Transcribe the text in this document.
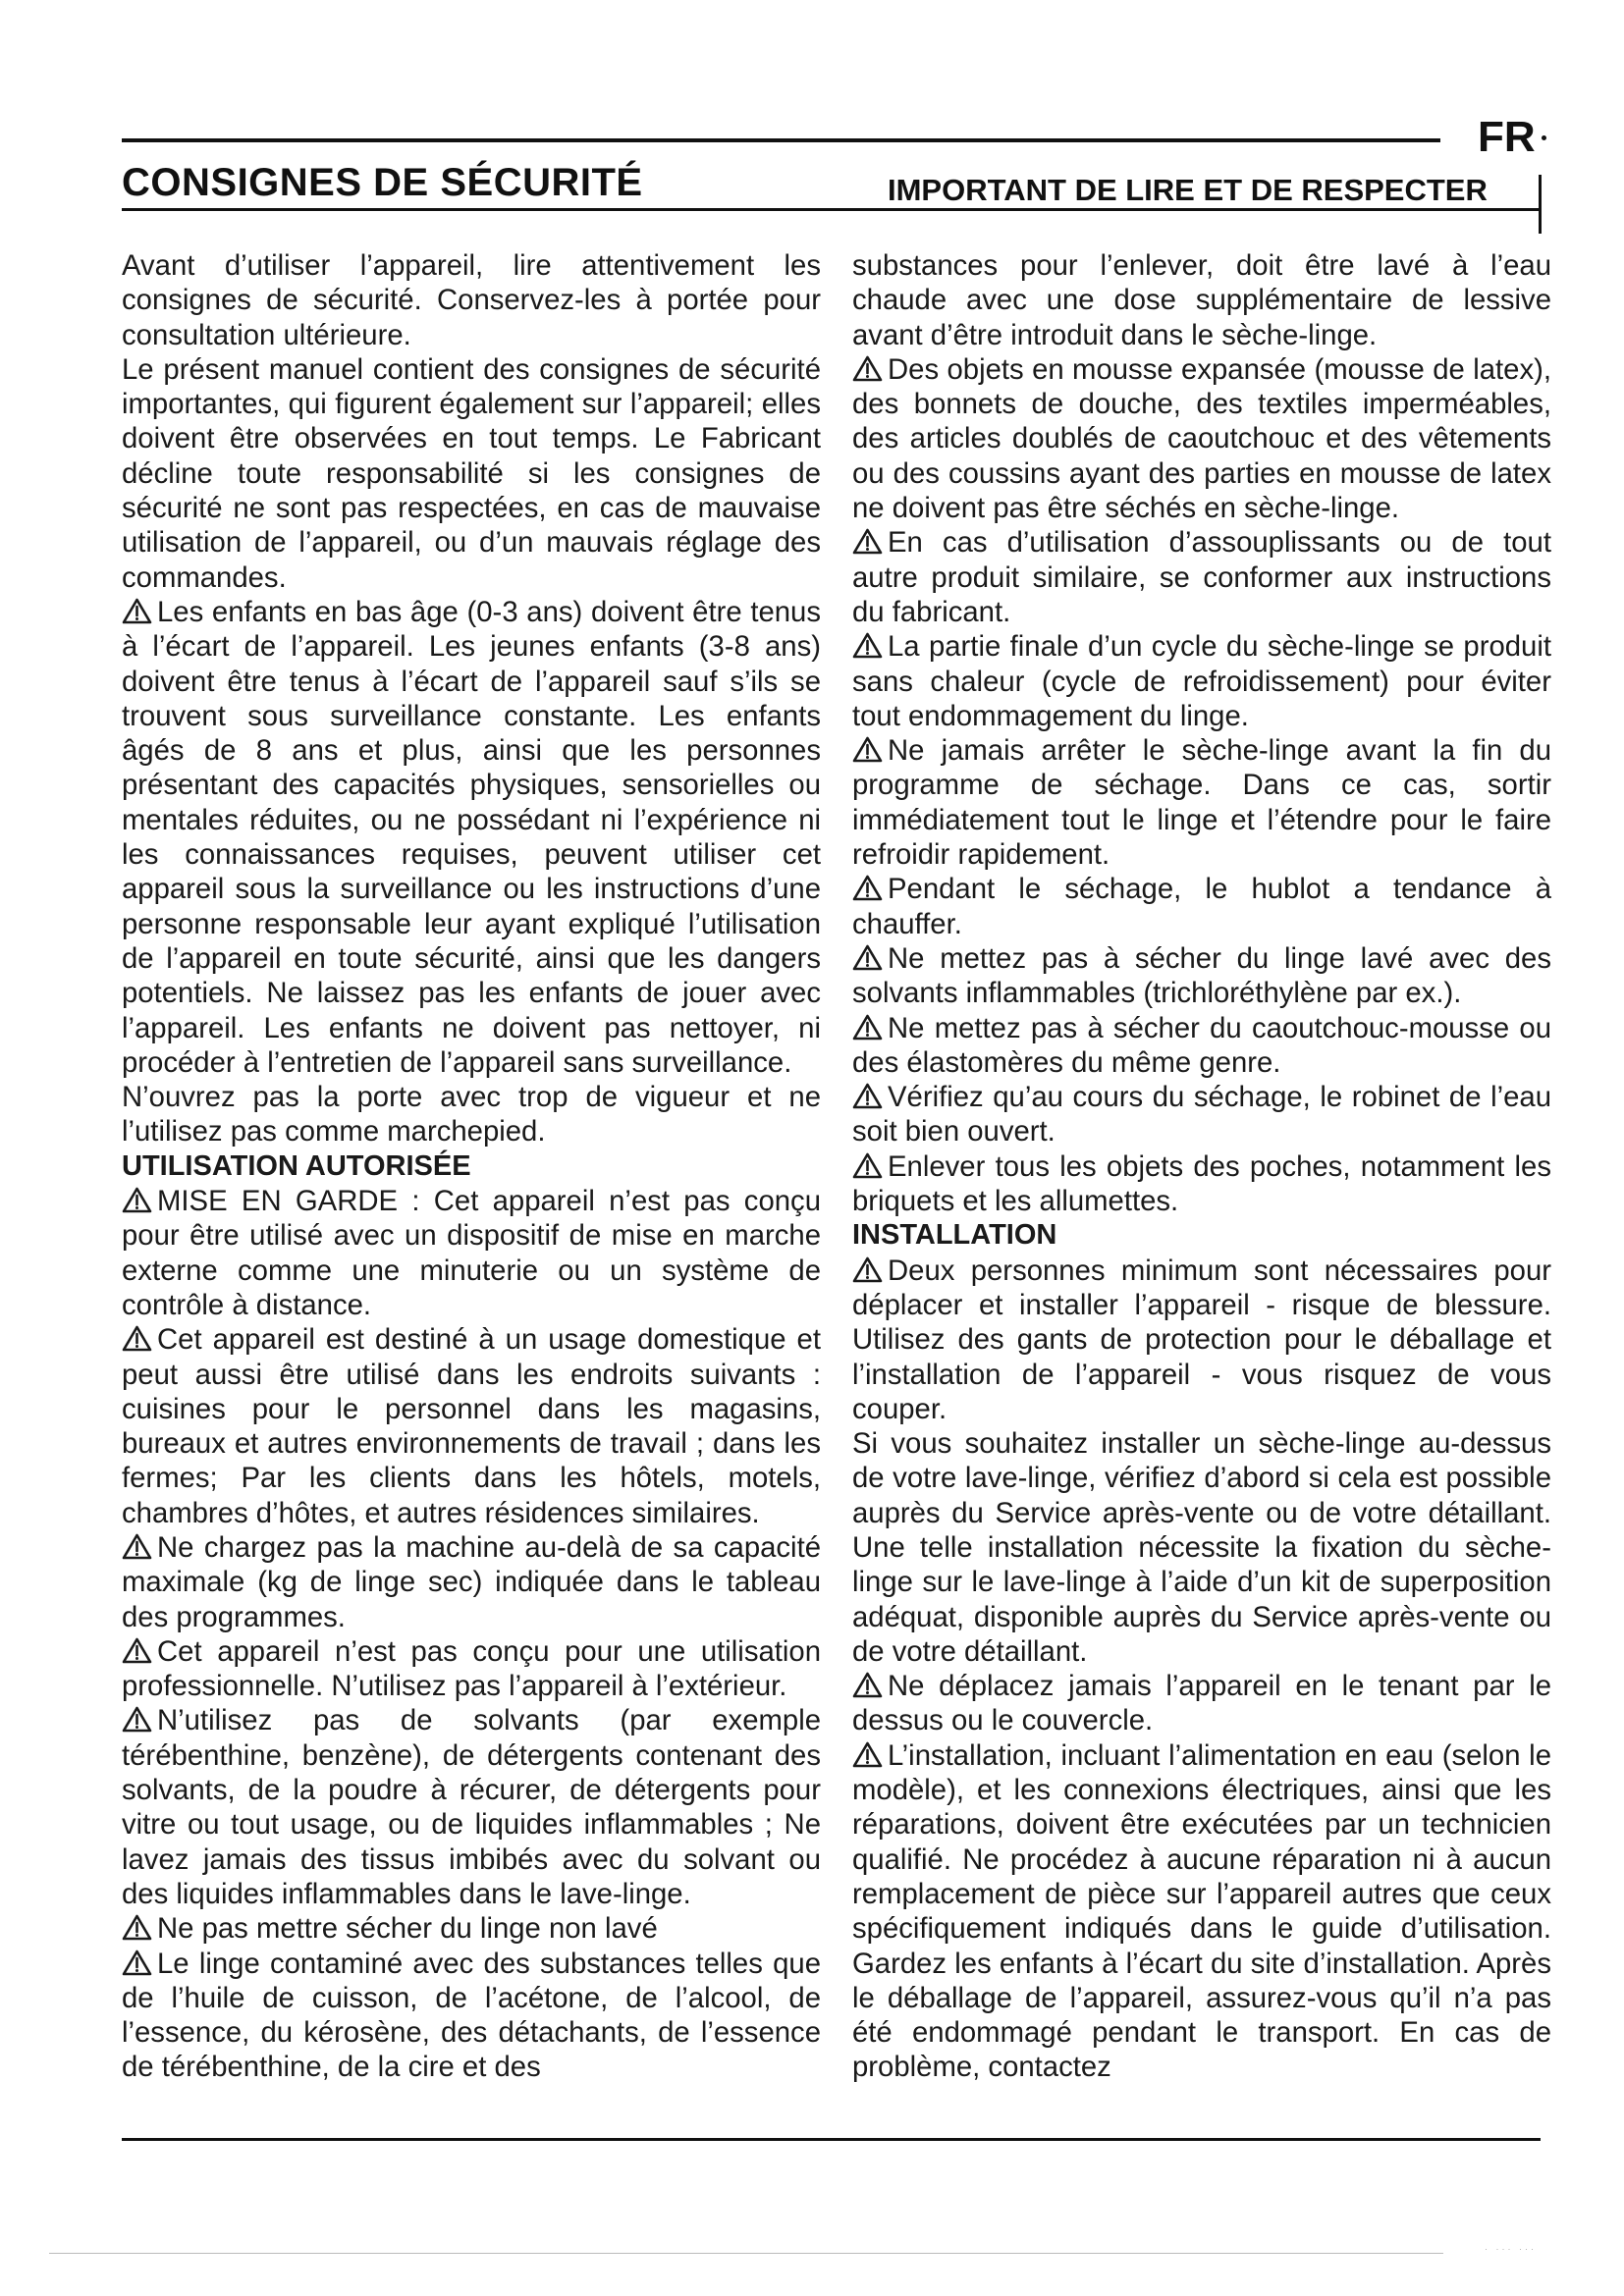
FR
CONSIGNES DE SÉCURITÉ	IMPORTANT DE LIRE ET DE RESPECTER

Avant d’utiliser l’appareil, lire attentivement les consignes de sécurité. Conservez-les à portée pour consultation ultérieure.

Le présent manuel contient des consignes de sécurité importantes, qui figurent également sur l’appareil; elles doivent être observées en tout temps. Le Fabricant décline toute responsabilité si les consignes de sécurité ne sont pas respectées, en cas de mauvaise utilisation de l’appareil, ou d’un mauvais réglage des commandes.

Les enfants en bas âge (0-3 ans) doivent être tenus à l’écart de l’appareil. Les jeunes enfants (3-8 ans) doivent être tenus à l’écart de l’appareil sauf s’ils se trouvent sous surveillance constante. Les enfants âgés de 8 ans et plus, ainsi que les personnes présentant des capacités physiques, sensorielles ou mentales réduites, ou ne possédant ni l’expérience ni les connaissances requises, peuvent utiliser cet appareil sous la surveillance ou les instructions d’une personne responsable leur ayant expliqué l’utilisation de l’appareil en toute sécurité, ainsi que les dangers potentiels. Ne laissez pas les enfants de jouer avec l’appareil. Les enfants ne doivent pas nettoyer, ni procéder à l’entretien de l’appareil sans surveillance.

N’ouvrez pas la porte avec trop de vigueur et ne l’utilisez pas comme marchepied.

UTILISATION AUTORISÉE

MISE EN GARDE : Cet appareil n’est pas conçu pour être utilisé avec un dispositif de mise en marche externe comme une minuterie ou un système de contrôle à distance.

Cet appareil est destiné à un usage domestique et peut aussi être utilisé dans les endroits suivants : cuisines pour le personnel dans les magasins, bureaux et autres environnements de travail ; dans les fermes; Par les clients dans les hôtels, motels, chambres d’hôtes, et autres résidences similaires.

Ne chargez pas la machine au-delà de sa capacité maximale (kg de linge sec) indiquée dans le tableau des programmes.

Cet appareil n’est pas conçu pour une utilisation professionnelle. N’utilisez pas l’appareil à l’extérieur.

N’utilisez pas de solvants (par exemple térébenthine, benzène), de détergents contenant des solvants, de la poudre à récurer, de détergents pour vitre ou tout usage, ou de liquides inflammables ; Ne lavez jamais des tissus imbibés avec du solvant ou des liquides inflammables dans le lave-linge.

Ne pas mettre sécher du linge non lavé

Le linge contaminé avec des substances telles que de l’huile de cuisson, de l’acétone, de l’alcool, de l’essence, du kérosène, des détachants, de l’essence de térébenthine, de la cire et des

substances pour l’enlever, doit être lavé à l’eau chaude avec une dose supplémentaire de lessive avant d’être introduit dans le sèche-linge.

Des objets en mousse expansée (mousse de latex), des bonnets de douche, des textiles imperméables, des articles doublés de caoutchouc et des vêtements ou des coussins ayant des parties en mousse de latex ne doivent pas être séchés en sèche-linge.

En cas d’utilisation d’assouplissants ou de tout autre produit similaire, se conformer aux instructions du fabricant.

La partie finale d’un cycle du sèche-linge se produit sans chaleur (cycle de refroidissement) pour éviter tout endommagement du linge.

Ne jamais arrêter le sèche-linge avant la fin du programme de séchage. Dans ce cas, sortir immédiatement tout le linge et l’étendre pour le faire refroidir rapidement.

Pendant le séchage, le hublot a tendance à chauffer.

Ne mettez pas à sécher du linge lavé avec des solvants inflammables (trichloréthylène par ex.).

Ne mettez pas à sécher du caoutchouc-mousse ou des élastomères du même genre.

Vérifiez qu’au cours du séchage, le robinet de l’eau soit bien ouvert.

Enlever tous les objets des poches, notamment les briquets et les allumettes.

INSTALLATION

Deux personnes minimum sont nécessaires pour déplacer et installer l’appareil - risque de blessure. Utilisez des gants de protection pour le déballage et l’installation de l’appareil - vous risquez de vous couper.

Si vous souhaitez installer un sèche-linge au-dessus de votre lave-linge, vérifiez d’abord si cela est possible auprès du Service après-vente ou de votre détaillant. Une telle installation nécessite la fixation du sèche-linge sur le lave-linge à l’aide d’un kit de superposition adéquat, disponible auprès du Service après-vente ou de votre détaillant.

Ne déplacez jamais l’appareil en le tenant par le dessus ou le couvercle.

L’installation, incluant l’alimentation en eau (selon le modèle), et les connexions électriques, ainsi que les réparations, doivent être exécutées par un technicien qualifié. Ne procédez à aucune réparation ni à aucun remplacement de pièce sur l’appareil autres que ceux spécifiquement indiqués dans le guide d’utilisation. Gardez les enfants à l’écart du site d’installation. Après le déballage de l’appareil, assurez-vous qu’il n’a pas été endommagé pendant le transport. En cas de problème, contactez

· ··· ···
